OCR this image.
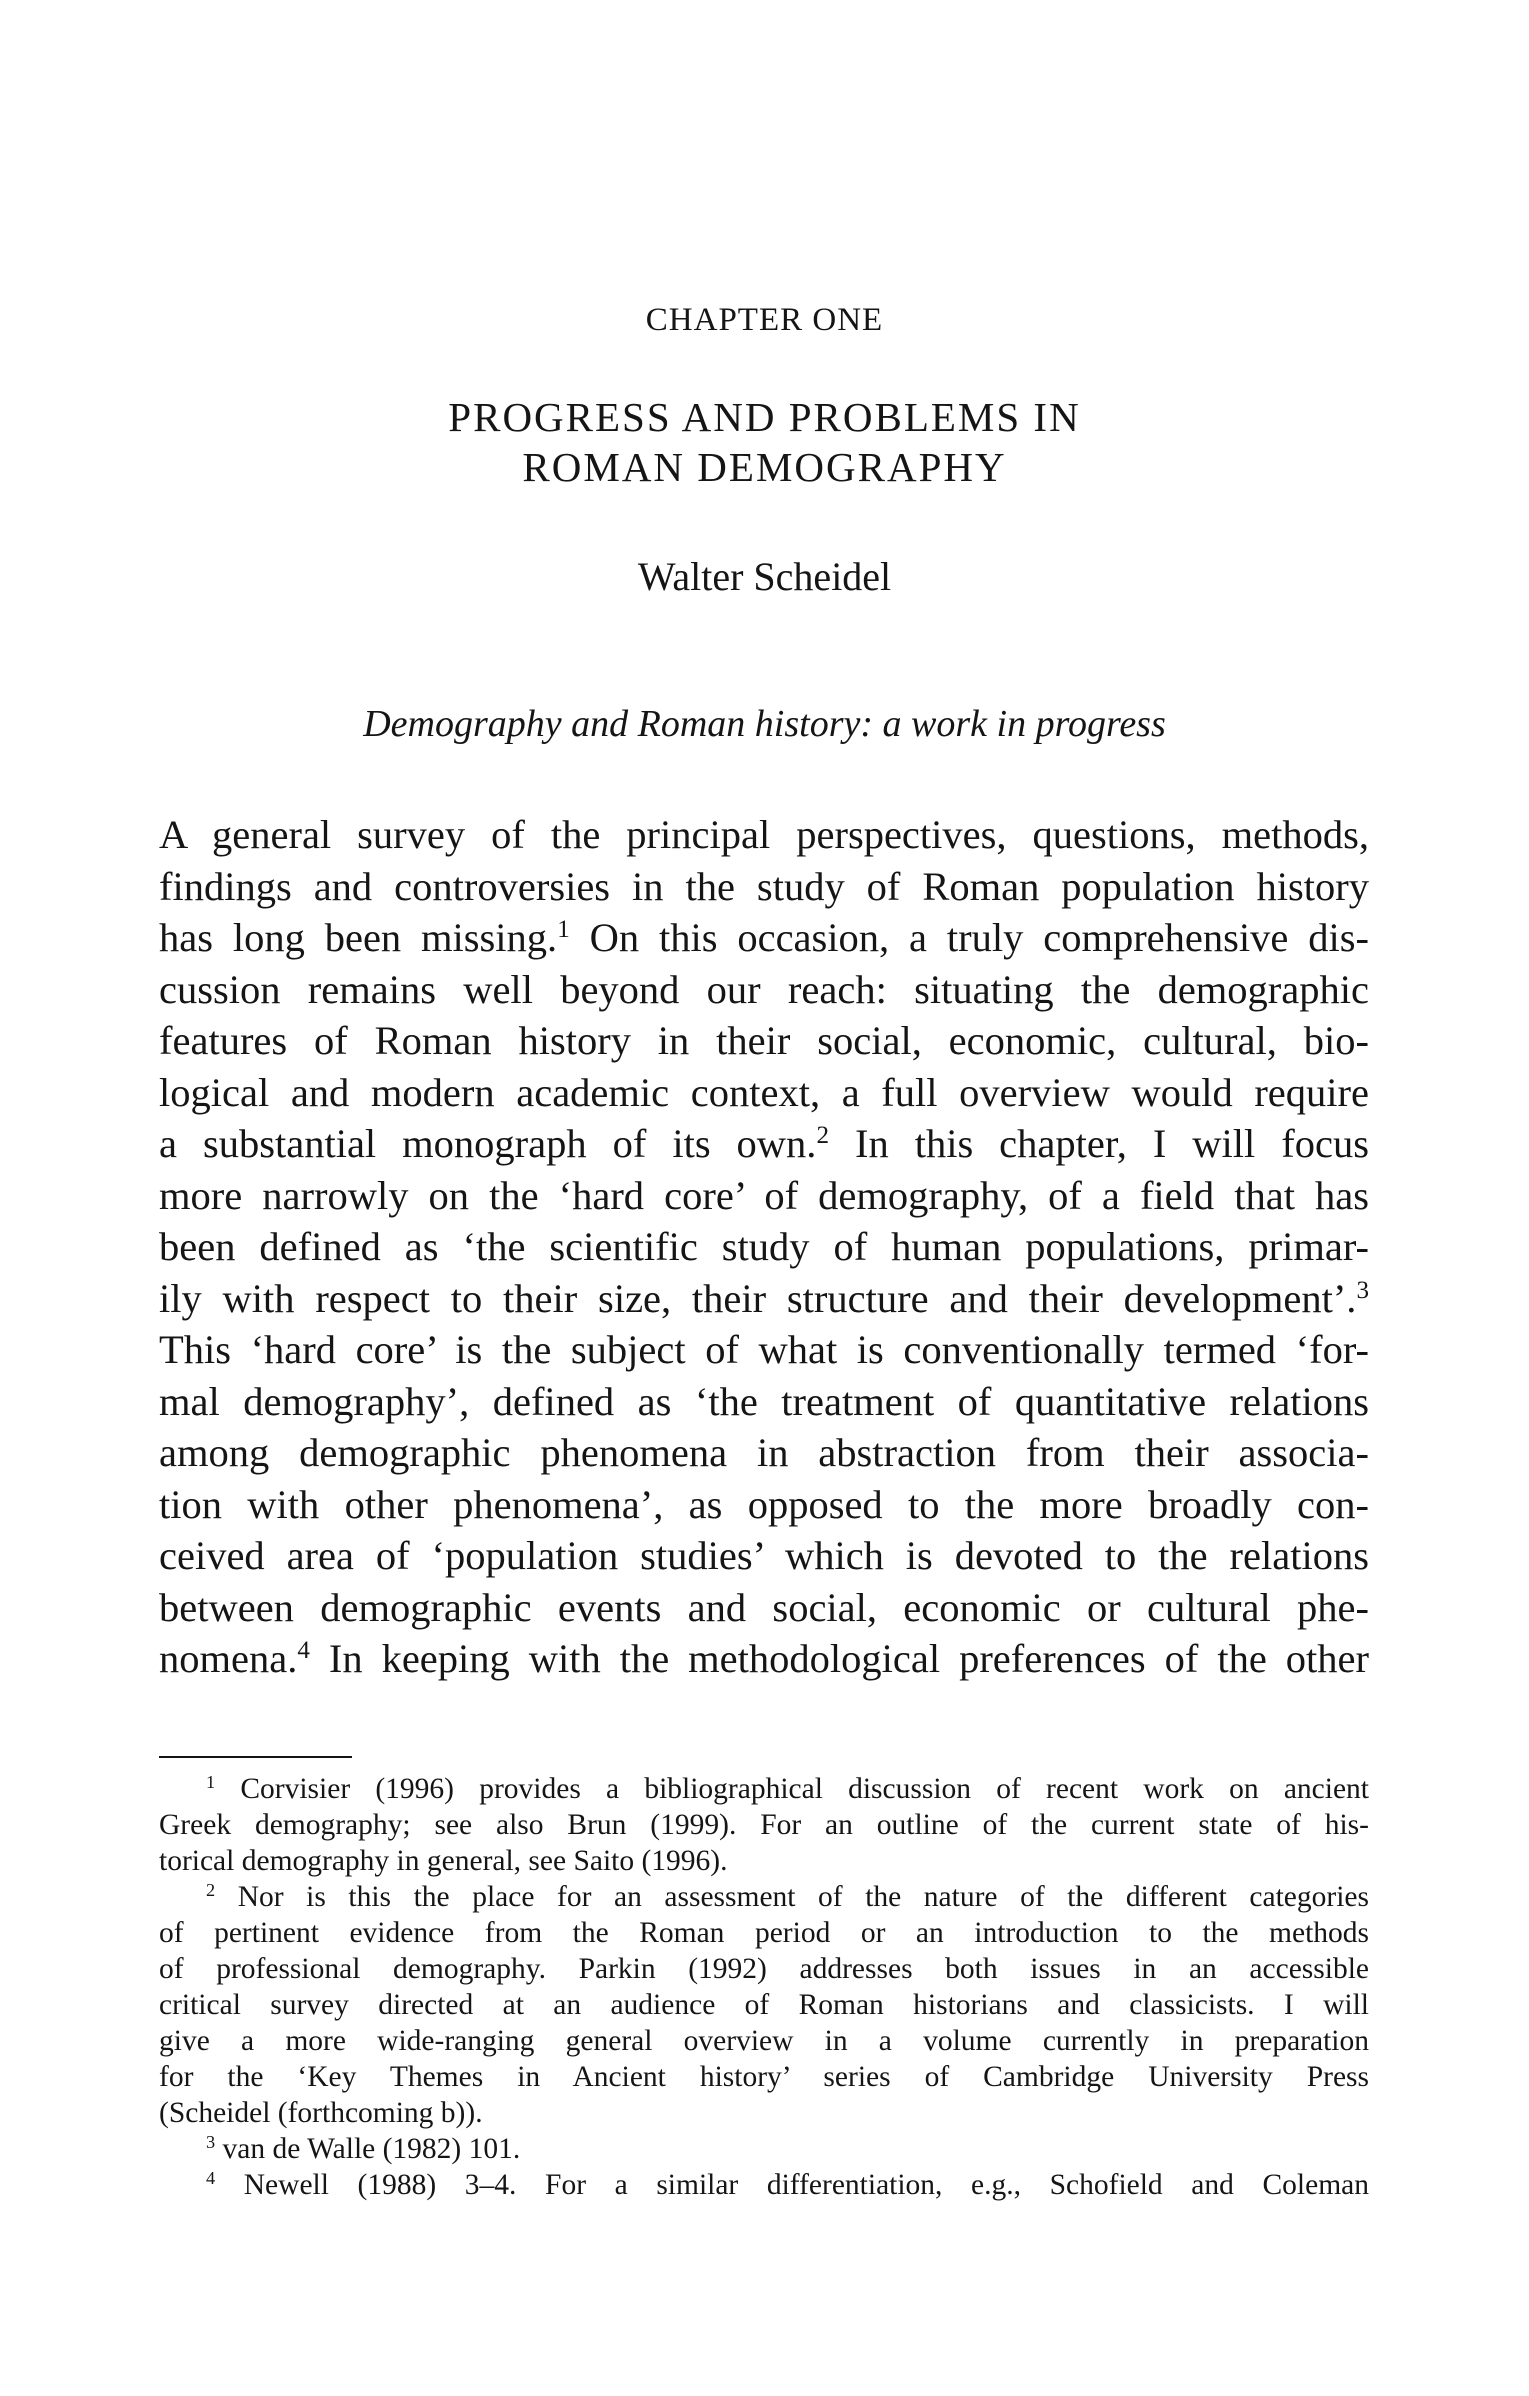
CHAPTER ONE
PROGRESS AND PROBLEMS IN
ROMAN DEMOGRAPHY
Walter Scheidel
Demography and Roman history: a work in progress
A general survey of the principal perspectives, questions, methods,
findings and controversies in the study of Roman population history
has long been missing.$^1$ On this occasion, a truly comprehensive dis-
cussion remains well beyond our reach: situating the demographic
features of Roman history in their social, economic, cultural, bio-
logical and modern academic context, a full overview would require
a substantial monograph of its own.$^2$ In this chapter, I will focus
more narrowly on the ‘hard core’ of demography, of a field that has
been defined as ‘the scientific study of human populations, primar-
ily with respect to their size, their structure and their development’.$^3$
This ‘hard core’ is the subject of what is conventionally termed ‘for-
mal demography’, defined as ‘the treatment of quantitative relations
among demographic phenomena in abstraction from their associa-
tion with other phenomena’, as opposed to the more broadly con-
ceived area of ‘population studies’ which is devoted to the relations
between demographic events and social, economic or cultural phe-
nomena.$^4$ In keeping with the methodological preferences of the other
$^1$ Corvisier (1996) provides a bibliographical discussion of recent work on ancient
Greek demography; see also Brun (1999). For an outline of the current state of his-
torical demography in general, see Saito (1996).
$^2$ Nor is this the place for an assessment of the nature of the different categories
of pertinent evidence from the Roman period or an introduction to the methods
of professional demography. Parkin (1992) addresses both issues in an accessible
critical survey directed at an audience of Roman historians and classicists. I will
give a more wide-ranging general overview in a volume currently in preparation
for the ‘Key Themes in Ancient history’ series of Cambridge University Press
(Scheidel (forthcoming b)).
$^3$ van de Walle (1982) 101.
$^4$ Newell (1988) 3–4. For a similar differentiation, e.g., Schofield and Coleman
